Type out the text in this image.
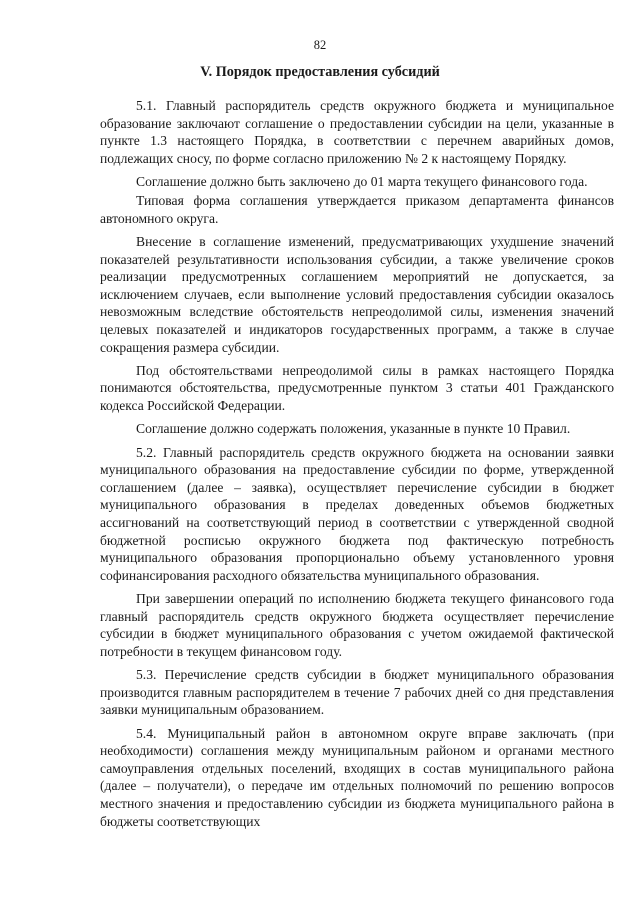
82
V. Порядок предоставления субсидий

5.1. Главный распорядитель средств окружного бюджета и муниципальное образование заключают соглашение о предоставлении субсидии на цели, указанные в пункте 1.3 настоящего Порядка, в соответствии с перечнем аварийных домов, подлежащих сносу, по форме согласно приложению № 2 к настоящему Порядку.

Соглашение должно быть заключено до 01 марта текущего финансового года.

Типовая форма соглашения утверждается приказом департамента финансов автономного округа.

Внесение в соглашение изменений, предусматривающих ухудшение значений показателей результативности использования субсидии, а также увеличение сроков реализации предусмотренных соглашением мероприятий не допускается, за исключением случаев, если выполнение условий предоставления субсидии оказалось невозможным вследствие обстоятельств непреодолимой силы, изменения значений целевых показателей и индикаторов государственных программ, а также в случае сокращения размера субсидии.

Под обстоятельствами непреодолимой силы в рамках настоящего Порядка понимаются обстоятельства, предусмотренные пунктом 3 статьи 401 Гражданского кодекса Российской Федерации.

Соглашение должно содержать положения, указанные в пункте 10 Правил.

5.2. Главный распорядитель средств окружного бюджета на основании заявки муниципального образования на предоставление субсидии по форме, утвержденной соглашением (далее – заявка), осуществляет перечисление субсидии в бюджет муниципального образования в пределах доведенных объемов бюджетных ассигнований на соответствующий период в соответствии с утвержденной сводной бюджетной росписью окружного бюджета под фактическую потребность муниципального образования пропорционально объему установленного уровня софинансирования расходного обязательства муниципального образования.

При завершении операций по исполнению бюджета текущего финансового года главный распорядитель средств окружного бюджета осуществляет перечисление субсидии в бюджет муниципального образования с учетом ожидаемой фактической потребности в текущем финансовом году.

5.3. Перечисление средств субсидии в бюджет муниципального образования производится главным распорядителем в течение 7 рабочих дней со дня представления заявки муниципальным образованием.

5.4. Муниципальный район в автономном округе вправе заключать (при необходимости) соглашения между муниципальным районом и органами местного самоуправления отдельных поселений, входящих в состав муниципального района (далее – получатели), о передаче им отдельных полномочий по решению вопросов местного значения и предоставлению субсидии из бюджета муниципального района в бюджеты соответствующих
